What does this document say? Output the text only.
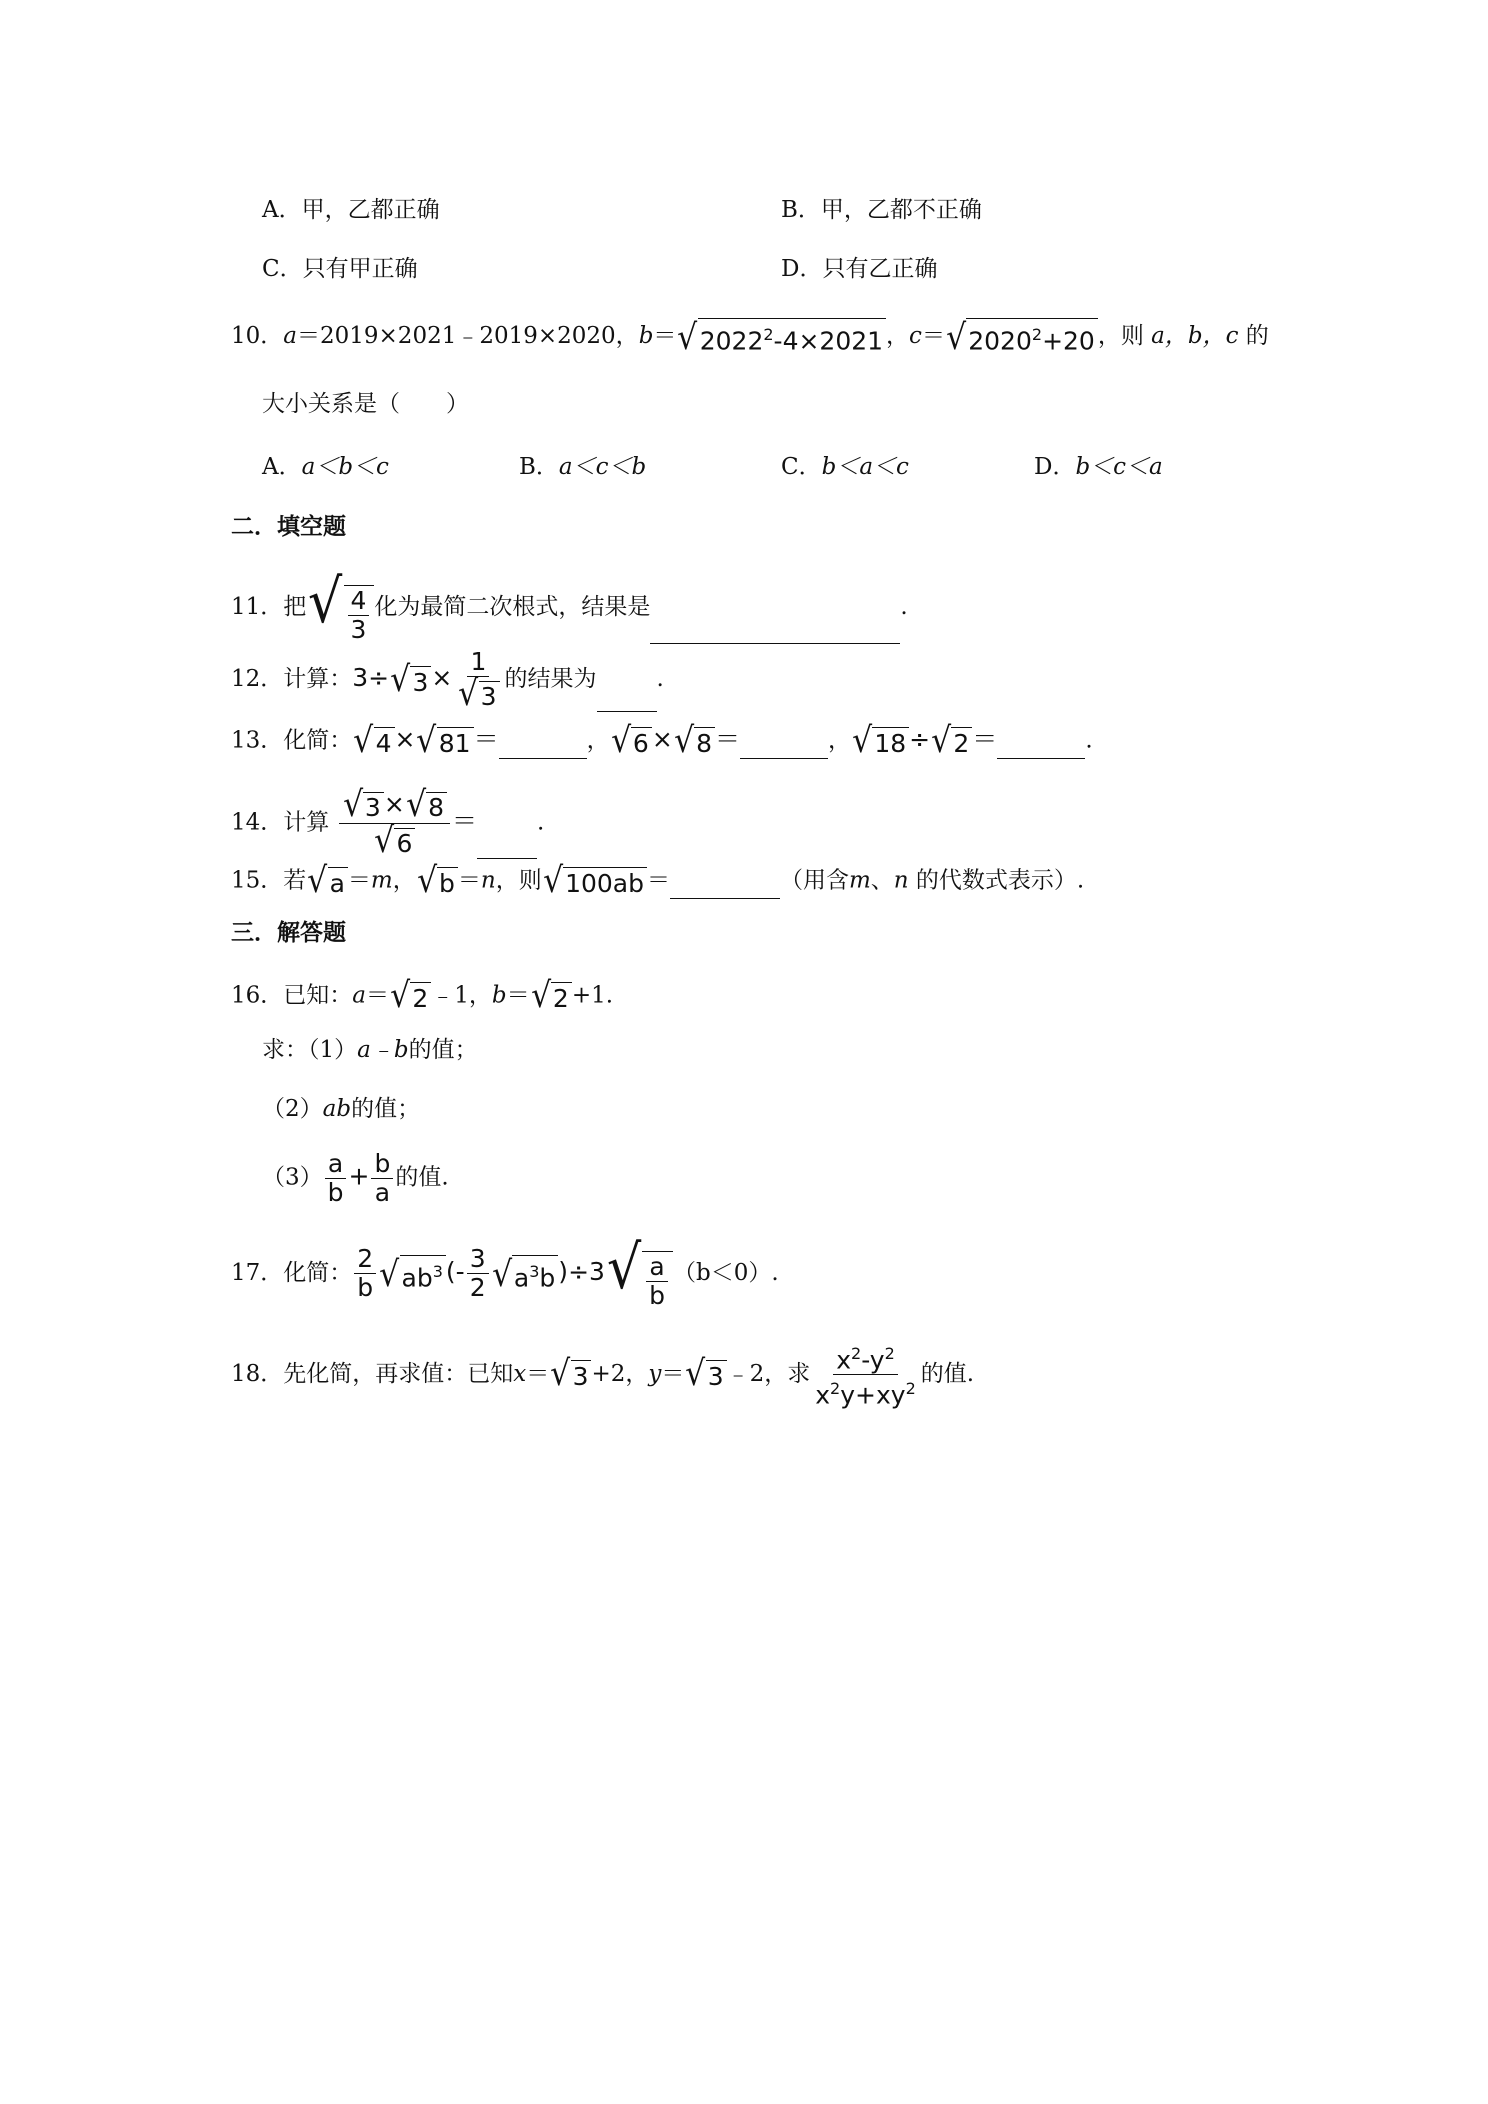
A．甲，乙都正确	B．甲，乙都不正确
C．只有甲正确	D．只有乙正确
10．a＝2019×2021﹣2019×2020，$b=√2022^2-4\times 2021$ ，$c=√2020^2+20$ ，则 a，b，c 的
大小关系是（　　）
A．a＜b＜c	B．a＜c＜b	C．b＜a＜c	D．b＜c＜a
二．填空题
11．把√ $\frac{4}{3}$ 化为最简二次根式，结果是	.
12．计算：$3\div√3 \times \frac{1}{√3}$ 的结果为	.
13．化简：√4 ×√81 ＝	，√6 ×√8 ＝	，√18 ÷√2 ＝	.
14．计算 $\frac{√3 \times√8}{√6}$ ＝	.
15．若√a ＝m，√b ＝n，则√100ab ＝	（用含m、n 的代数式表示）.
三．解答题
16．已知：a＝√2 ﹣1，b＝√2 +1.
求：（1）a﹣b的值；
（2）ab的值；
$(3) \frac{a}{b} + \frac{b}{a}$ 的值.
17．化简： $\frac{2}{b} √ab^3$ (- $\frac{3}{2} √a^3b$ )$\div 3√ \frac{a}{b} (b<0)$.
18．先化简，再求值：已知x＝√3 +2，y＝√3 ﹣2，求 $\frac{x^2-y^2}{x^2y+xy^2}$ 的值.
